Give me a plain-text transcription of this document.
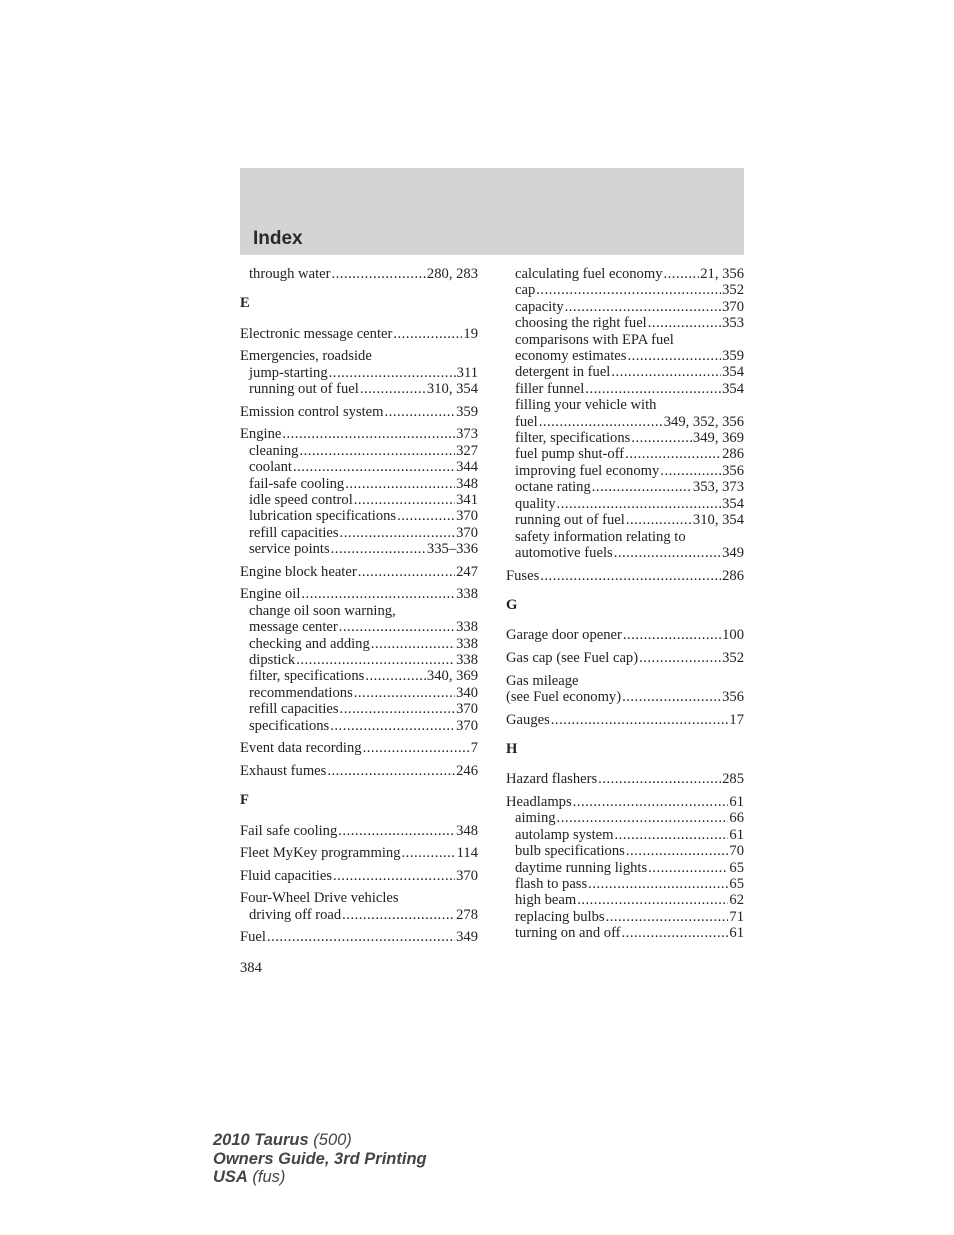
Index
through water .....	280, 283
E
Electronic message center .....	19
Emergencies, roadside
jump-starting .....	311
running out of fuel .....	310, 354
Emission control system .....	359
Engine .....	373
cleaning .....	327
coolant .....	344
fail-safe cooling .....	348
idle speed control .....	341
lubrication specifications .....	370
refill capacities .....	370
service points .....	335–336
Engine block heater .....	247
Engine oil .....	338
change oil soon warning,
message center .....	338
checking and adding .....	338
dipstick .....	338
filter, specifications .....	340, 369
recommendations .....	340
refill capacities .....	370
specifications .....	370
Event data recording .....	7
Exhaust fumes .....	246
F
Fail safe cooling .....	348
Fleet MyKey programming .....	114
Fluid capacities .....	370
Four-Wheel Drive vehicles
driving off road .....	278
Fuel .....	349
calculating fuel economy .....	21, 356
cap .....	352
capacity .....	370
choosing the right fuel .....	353
comparisons with EPA fuel
economy estimates .....	359
detergent in fuel .....	354
filler funnel .....	354
filling your vehicle with
fuel .....	349, 352, 356
filter, specifications .....	349, 369
fuel pump shut-off .....	286
improving fuel economy .....	356
octane rating .....	353, 373
quality .....	354
running out of fuel .....	310, 354
safety information relating to
automotive fuels .....	349
Fuses .....	286
G
Garage door opener .....	100
Gas cap (see Fuel cap) .....	352
Gas mileage
(see Fuel economy) .....	356
Gauges .....	17
H
Hazard flashers .....	285
Headlamps .....	61
aiming .....	66
autolamp system .....	61
bulb specifications .....	70
daytime running lights .....	65
flash to pass .....	65
high beam .....	62
replacing bulbs .....	71
turning on and off .....	61
384
2010 Taurus (500)
Owners Guide, 3rd Printing
USA (fus)
